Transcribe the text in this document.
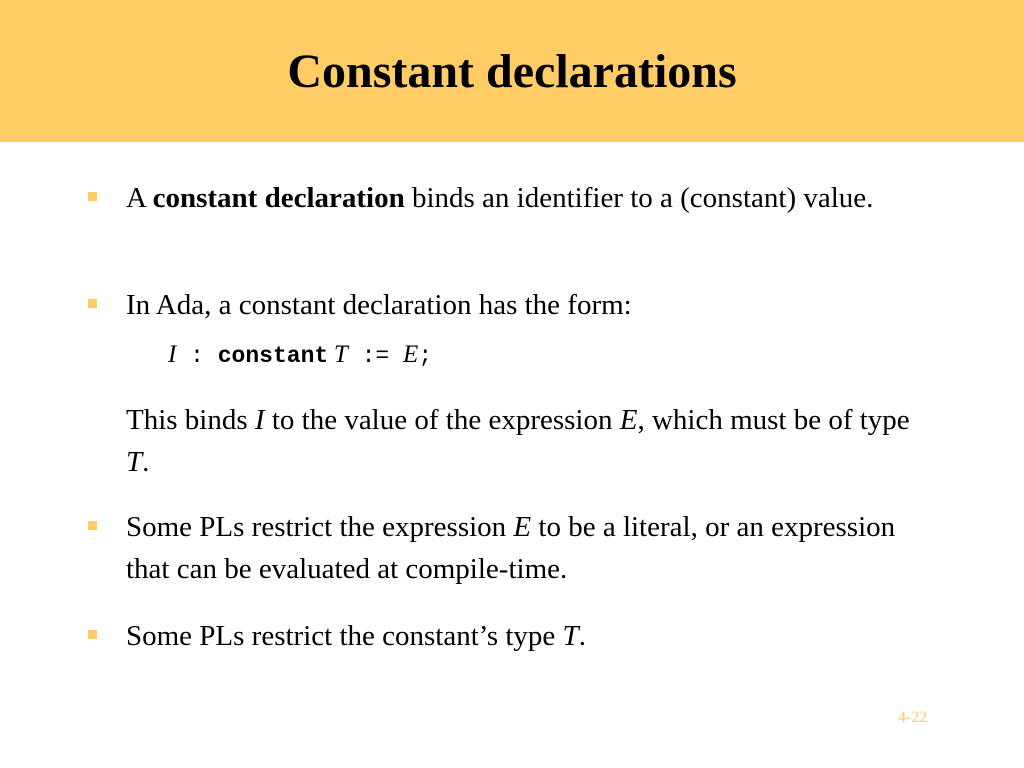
Constant declarations
A constant declaration binds an identifier to a (constant) value.
In Ada, a constant declaration has the form:
I : constant T := E;
This binds I to the value of the expression E, which must be of type T.
Some PLs restrict the expression E to be a literal, or an expression that can be evaluated at compile-time.
Some PLs restrict the constant’s type T.
4-22
